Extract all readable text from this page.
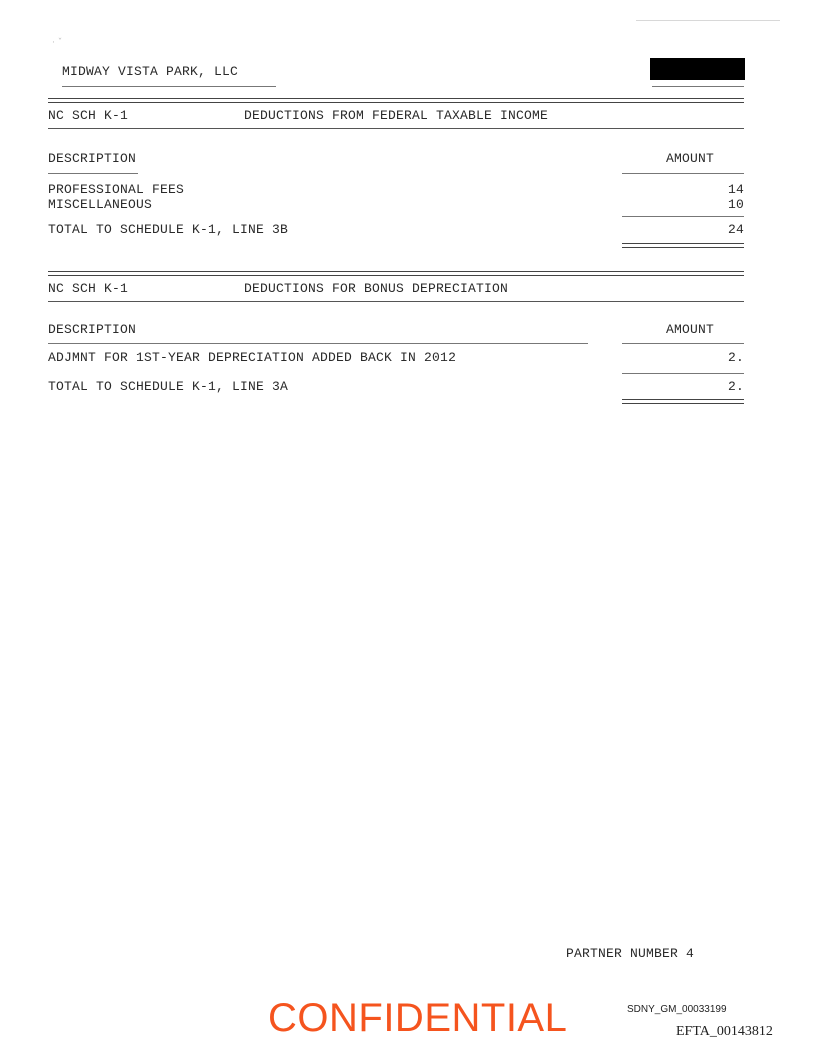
· ˇ
MIDWAY VISTA PARK, LLC
NC SCH K-1	DEDUCTIONS FROM FEDERAL TAXABLE INCOME
DESCRIPTION	AMOUNT
PROFESSIONAL FEES	14
MISCELLANEOUS	10
TOTAL TO SCHEDULE K-1, LINE 3B	24
NC SCH K-1	DEDUCTIONS FOR BONUS DEPRECIATION
DESCRIPTION	AMOUNT
ADJMNT FOR 1ST-YEAR DEPRECIATION ADDED BACK IN 2012	2.
TOTAL TO SCHEDULE K-1, LINE 3A	2.
PARTNER NUMBER 4
CONFIDENTIAL	SDNY_GM_00033199
EFTA_00143812
